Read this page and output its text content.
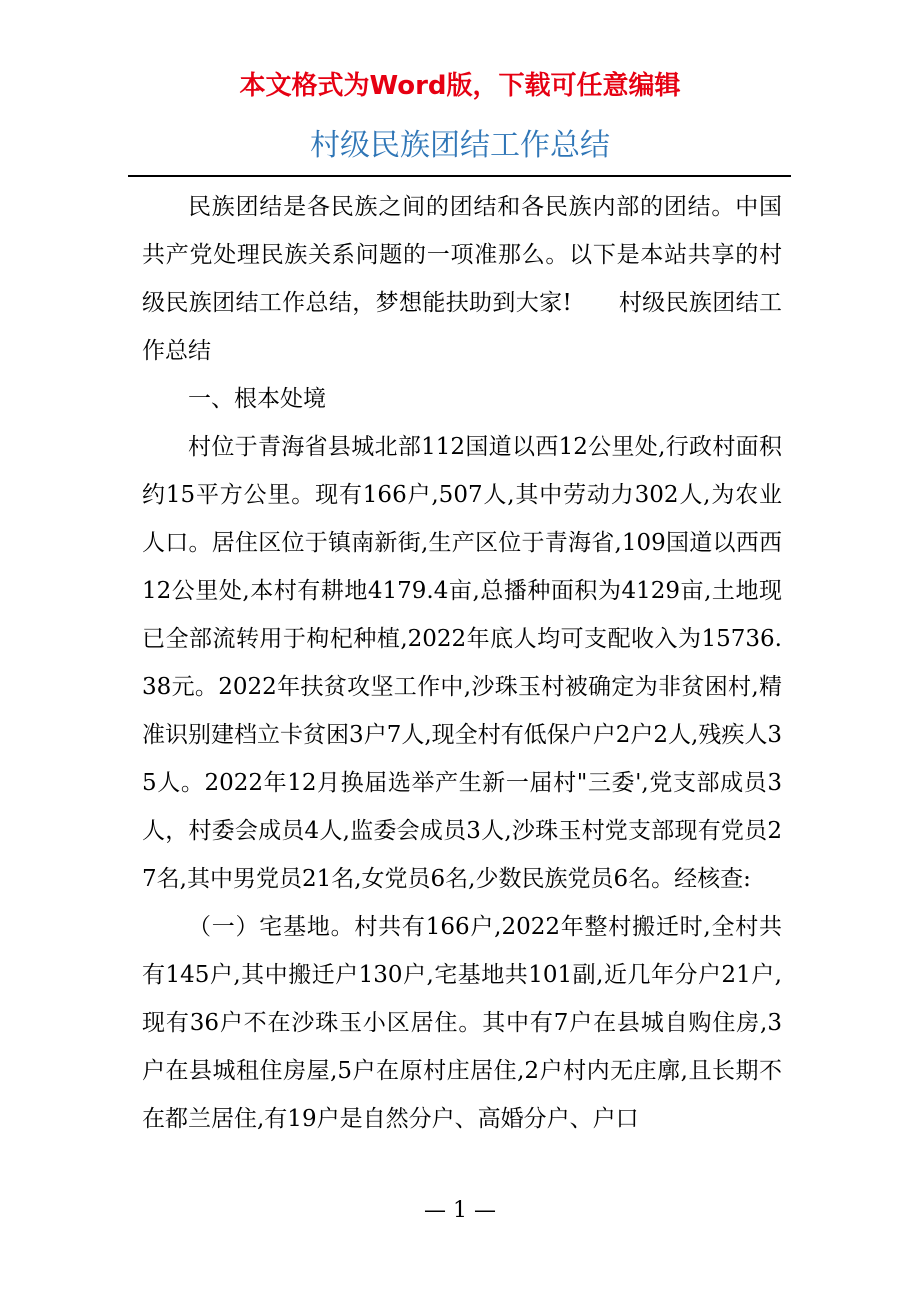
本文格式为Word版，下载可任意编辑
村级民族团结工作总结

民族团结是各民族之间的团结和各民族内部的团结。中国共产党处理民族关系问题的一项准那么。以下是本站共享的村级民族团结工作总结，梦想能扶助到大家!　　村级民族团结工作总结

一、根本处境

村位于青海省县城北部112国道以西12公里处,行政村面积约15平方公里。现有166户,507人,其中劳动力302人,为农业人口。居住区位于镇南新街,生产区位于青海省,109国道以西西12公里处,本村有耕地4179.4亩,总播种面积为4129亩,土地现已全部流转用于枸杞种植,2022年底人均可支配收入为15736.38元。2022年扶贫攻坚工作中,沙珠玉村被确定为非贫困村,精准识别建档立卡贫困3户7人,现全村有低保户户2户2人,残疾人35人。2022年12月换届选举产生新一届村"三委',党支部成员3人，村委会成员4人,监委会成员3人,沙珠玉村党支部现有党员27名,其中男党员21名,女党员6名,少数民族党员6名。经核查:

（一）宅基地。村共有166户,2022年整村搬迁时,全村共有145户,其中搬迁户130户,宅基地共101副,近几年分户21户,现有36户不在沙珠玉小区居住。其中有7户在县城自购住房,3户在县城租住房屋,5户在原村庄居住,2户村内无庄廓,且长期不在都兰居住,有19户是自然分户、高婚分户、户口

— 1 —
